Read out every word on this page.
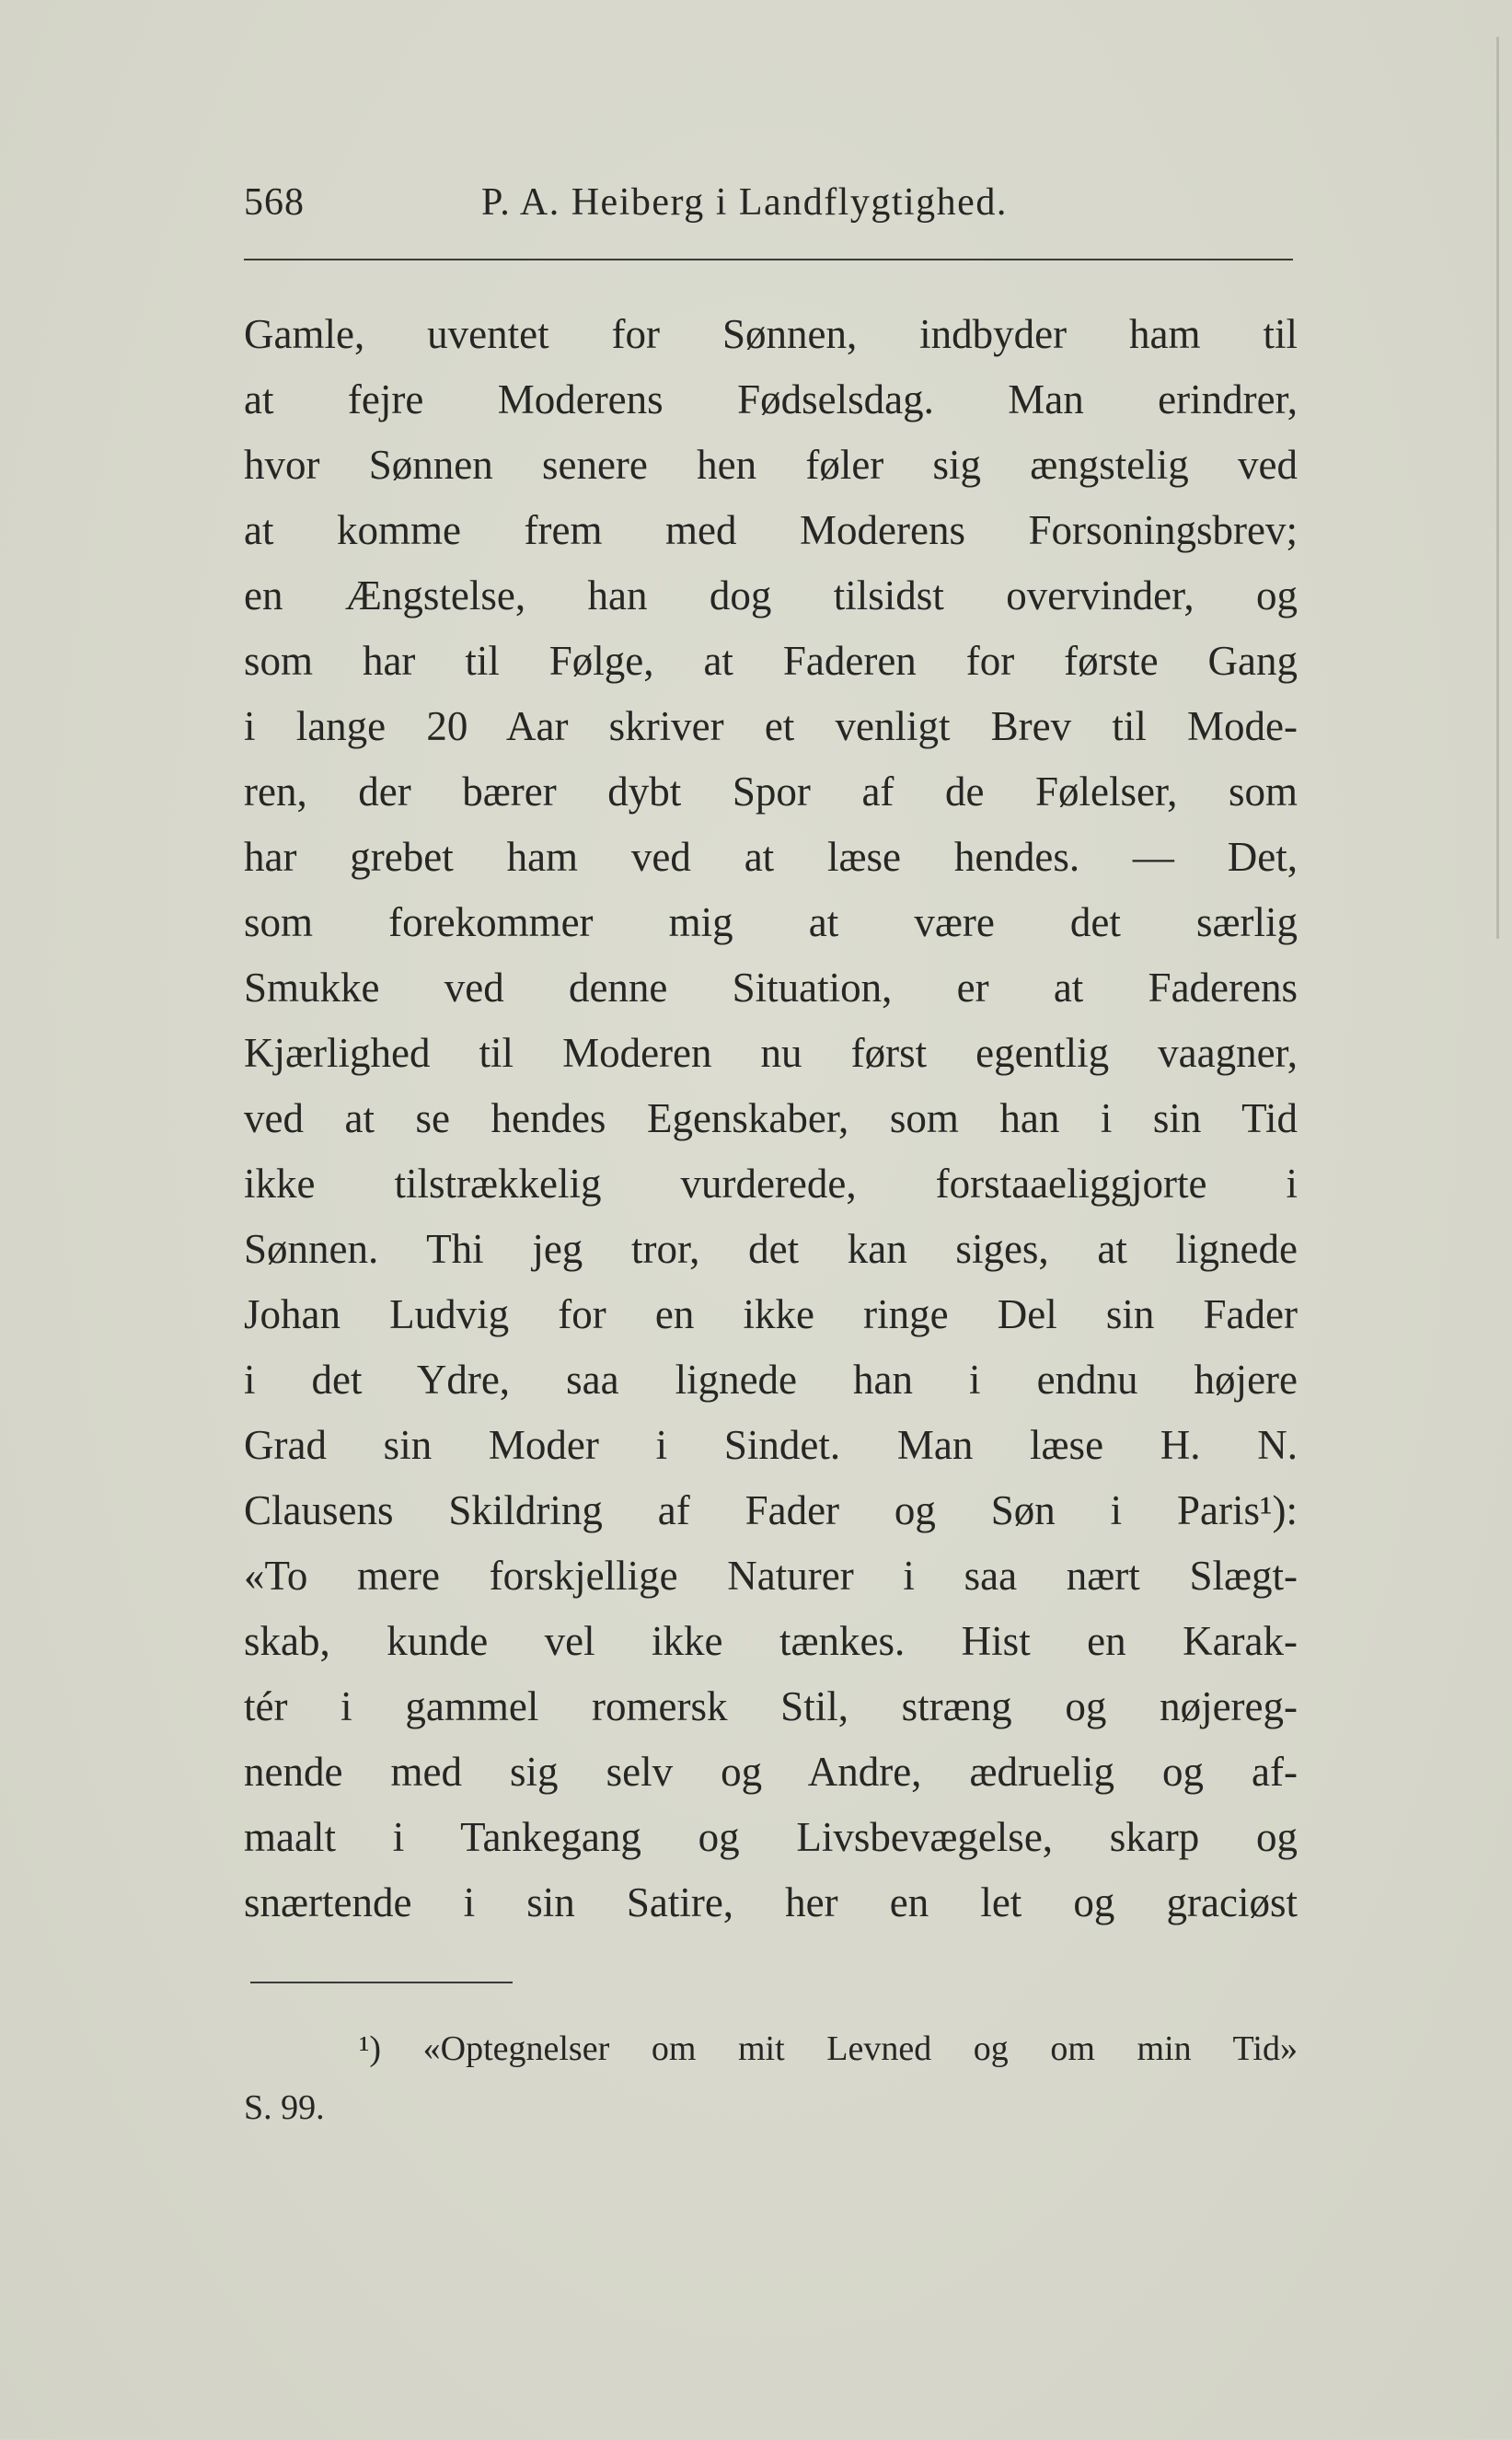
568	P. A. Heiberg i Landflygtighed.
Gamle, uventet for Sønnen, indbyder ham til
at fejre Moderens Fødselsdag. Man erindrer,
hvor Sønnen senere hen føler sig ængstelig ved
at komme frem med Moderens Forsoningsbrev;
en Ængstelse, han dog tilsidst overvinder, og
som har til Følge, at Faderen for første Gang
i lange 20 Aar skriver et venligt Brev til Mode-
ren, der bærer dybt Spor af de Følelser, som
har grebet ham ved at læse hendes. — Det,
som forekommer mig at være det særlig
Smukke ved denne Situation, er at Faderens
Kjærlighed til Moderen nu først egentlig vaagner,
ved at se hendes Egenskaber, som han i sin Tid
ikke tilstrækkelig vurderede, forstaaeliggjorte i
Sønnen. Thi jeg tror, det kan siges, at lignede
Johan Ludvig for en ikke ringe Del sin Fader
i det Ydre, saa lignede han i endnu højere
Grad sin Moder i Sindet. Man læse H. N.
Clausens Skildring af Fader og Søn i Paris¹):
«To mere forskjellige Naturer i saa nært Slægt-
skab, kunde vel ikke tænkes. Hist en Karak-
tér i gammel romersk Stil, stræng og nøjereg-
nende med sig selv og Andre, ædruelig og af-
maalt i Tankegang og Livsbevægelse, skarp og
snærtende i sin Satire, her en let og graciøst
¹) «Optegnelser om mit Levned og om min Tid»
S. 99.
